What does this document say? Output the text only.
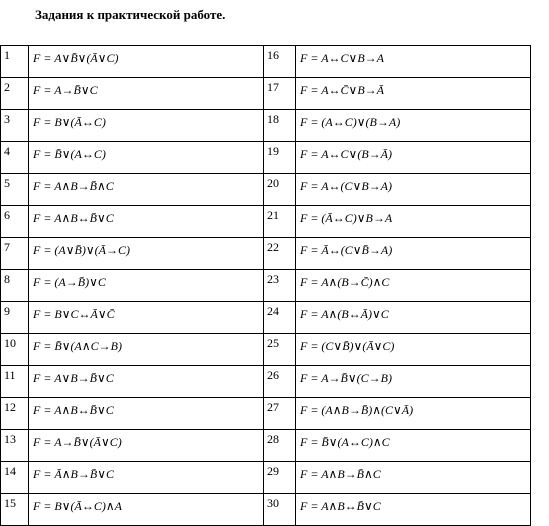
Задания к практической работе.
1	F = A∨B̄∨(Ā∨C)	16	F = A↔C∨B→A
2	F = A→B̄∨C	17	F = A↔C̄∨B→Ā
3	F = B∨(Ā↔C)	18	F = (A↔C)∨(B→A)
4	F = B̄∨(A↔C)	19	F = A↔C∨(B→Ā)
5	F = A∧B→B̄∧C	20	F = A↔(C∨B→A)
6	F = A∧B↔B̄∨C	21	F = (Ā↔C)∨B→A
7	F = (A∨B̄)∨(Ā→C)	22	F = Ā↔(C∨B̄→A)
8	F = (A→B̄)∨C	23	F = A∧(B→C̄)∧C
9	F = B∨C↔Ā∨C̄	24	F = A∧(B↔Ā)∨C
10	F = B̄∨(A∧C→B)	25	F = (C∨B̄)∨(Ā∨C)
11	F = A∨B→B̄∨C	26	F = A→B̄∨(C→B)
12	F = A∧B↔B̄∨C	27	F = (A∧B→B̄)∧(C∨Ā)
13	F = A→B̄∨(Ā∨C)	28	F = B̄∨(A↔C)∧C
14	F = Ā∧B→B̄∨C	29	F = A∧B→B̄∧C
15	F = B∨(Ā↔C)∧A	30	F = A∧B↔B̄∨C
